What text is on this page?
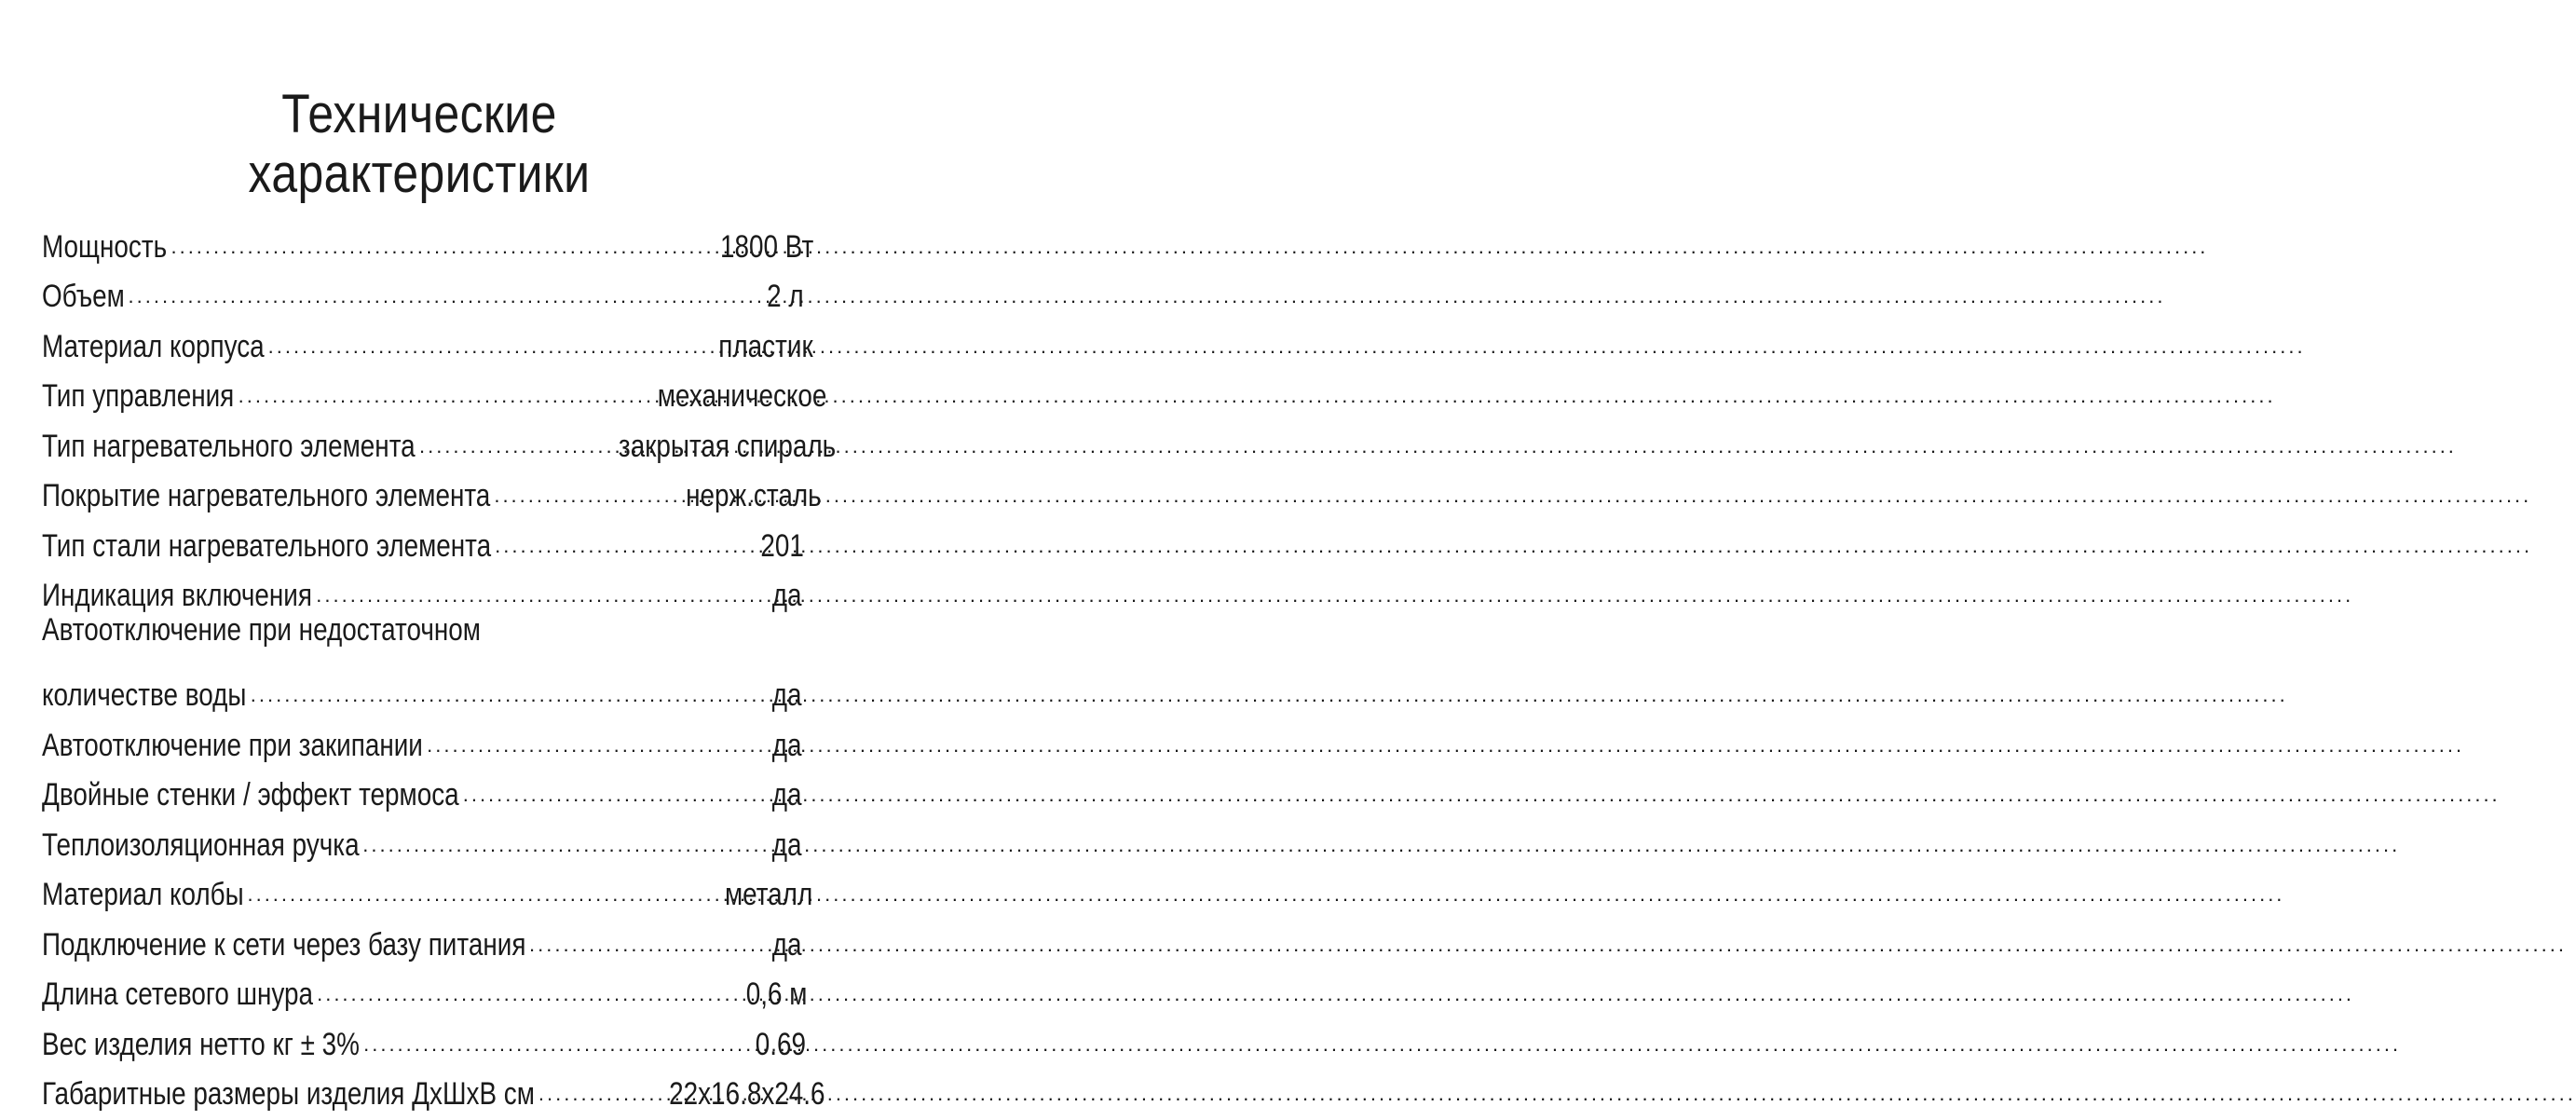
Технические
характеристики
Мощность .....	1800 Вт
Объем .....	2 л
Материал корпуса .....	пластик
Тип управления .....	механическое
Тип нагревательного элемента .....	закрытая спираль
Покрытие нагревательного элемента .....	нерж.сталь
Тип стали нагревательного элемента .....	201
Индикация включения .....	да
Автоотключение при недостаточном
количестве воды .....	да
Автоотключение при закипании .....	да
Двойные стенки / эффект термоса .....	да
Теплоизоляционная ручка .....	да
Материал колбы .....	металл
Подключение к сети через базу питания .....	да
Длина сетевого шнура .....	0,6 м
Вес изделия нетто кг ± 3% .....	0.69
Габаритные размеры изделия ДхШхВ см .....	22х16.8х24.6
